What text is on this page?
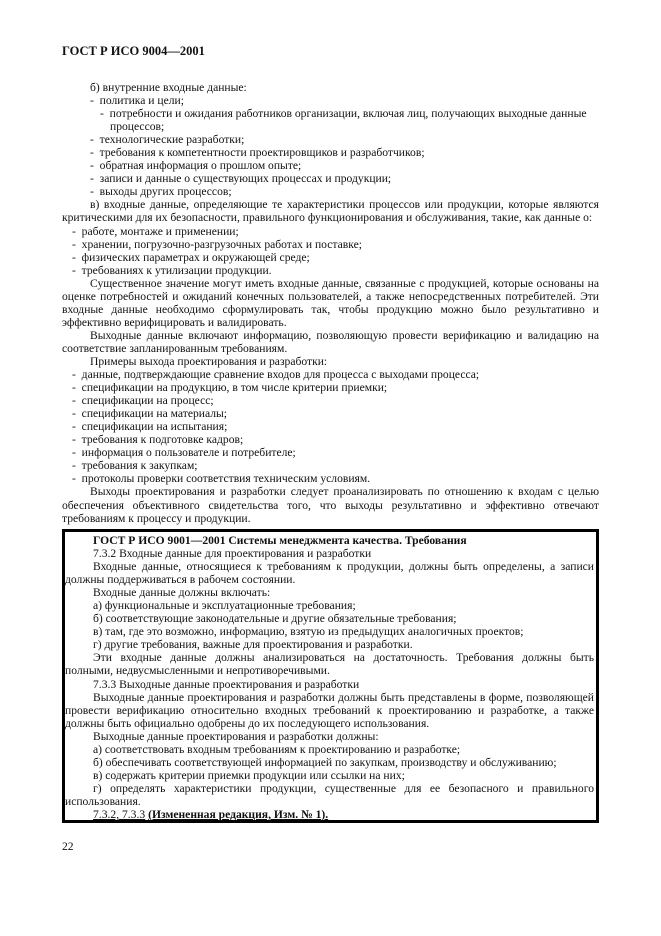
ГОСТ Р ИСО 9004—2001

б) внутренние входные данные:

-  политика и цели;
-  потребности и ожидания работников организации, включая лиц, получающих выходные данные процессов;
-  технологические разработки;
-  требования к компетентности проектировщиков и разработчиков;
-  обратная информация о прошлом опыте;
-  записи и данные о существующих процессах и продукции;
-  выходы других процессов;

в) входные данные, определяющие те характеристики процессов или продукции, которые являются критическими для их безопасности, правильного функционирования и обслуживания, такие, как данные о:

-  работе, монтаже и применении;
-  хранении, погрузочно-разгрузочных работах и поставке;
-  физических параметрах и окружающей среде;
-  требованиях к утилизации продукции.

Существенное значение могут иметь входные данные, связанные с продукцией, которые основаны на оценке потребностей и ожиданий конечных пользователей, а также непосредственных потребителей. Эти входные данные необходимо сформулировать так, чтобы продукцию можно было результативно и эффективно верифицировать и валидировать.

Выходные данные включают информацию, позволяющую провести верификацию и валидацию на соответствие запланированным требованиям.

Примеры выхода проектирования и разработки:

-  данные, подтверждающие сравнение входов для процесса с выходами процесса;
-  спецификации на продукцию, в том числе критерии приемки;
-  спецификации на процесс;
-  спецификации на материалы;
-  спецификации на испытания;
-  требования к подготовке кадров;
-  информация о пользователе и потребителе;
-  требования к закупкам;
-  протоколы проверки соответствия техническим условиям.

Выходы проектирования и разработки следует проанализировать по отношению к входам с целью обеспечения объективного свидетельства того, что выходы результативно и эффективно отвечают требованиям к процессу и продукции.

ГОСТ Р ИСО 9001—2001 Системы менеджмента качества. Требования

7.3.2 Входные данные для проектирования и разработки

Входные данные, относящиеся к требованиям к продукции, должны быть определены, а записи должны поддерживаться в рабочем состоянии.

Входные данные должны включать:

а) функциональные и эксплуатационные требования;

б) соответствующие законодательные и другие обязательные требования;

в) там, где это возможно, информацию, взятую из предыдущих аналогичных проектов;

г) другие требования, важные для проектирования и разработки.

Эти входные данные должны анализироваться на достаточность. Требования должны быть полными, недвусмысленными и непротиворечивыми.

7.3.3 Выходные данные проектирования и разработки

Выходные данные проектирования и разработки должны быть представлены в форме, позволяющей провести верификацию относительно входных требований к проектированию и разработке, а также должны быть официально одобрены до их последующего использования.

Выходные данные проектирования и разработки должны:

а) соответствовать входным требованиям к проектированию и разработке;

б) обеспечивать соответствующей информацией по закупкам, производству и обслуживанию;

в) содержать критерии приемки продукции или ссылки на них;

г) определять характеристики продукции, существенные для ее безопасного и правильного использования.

7.3.2, 7.3.3 (Измененная редакция, Изм. № 1).

22
